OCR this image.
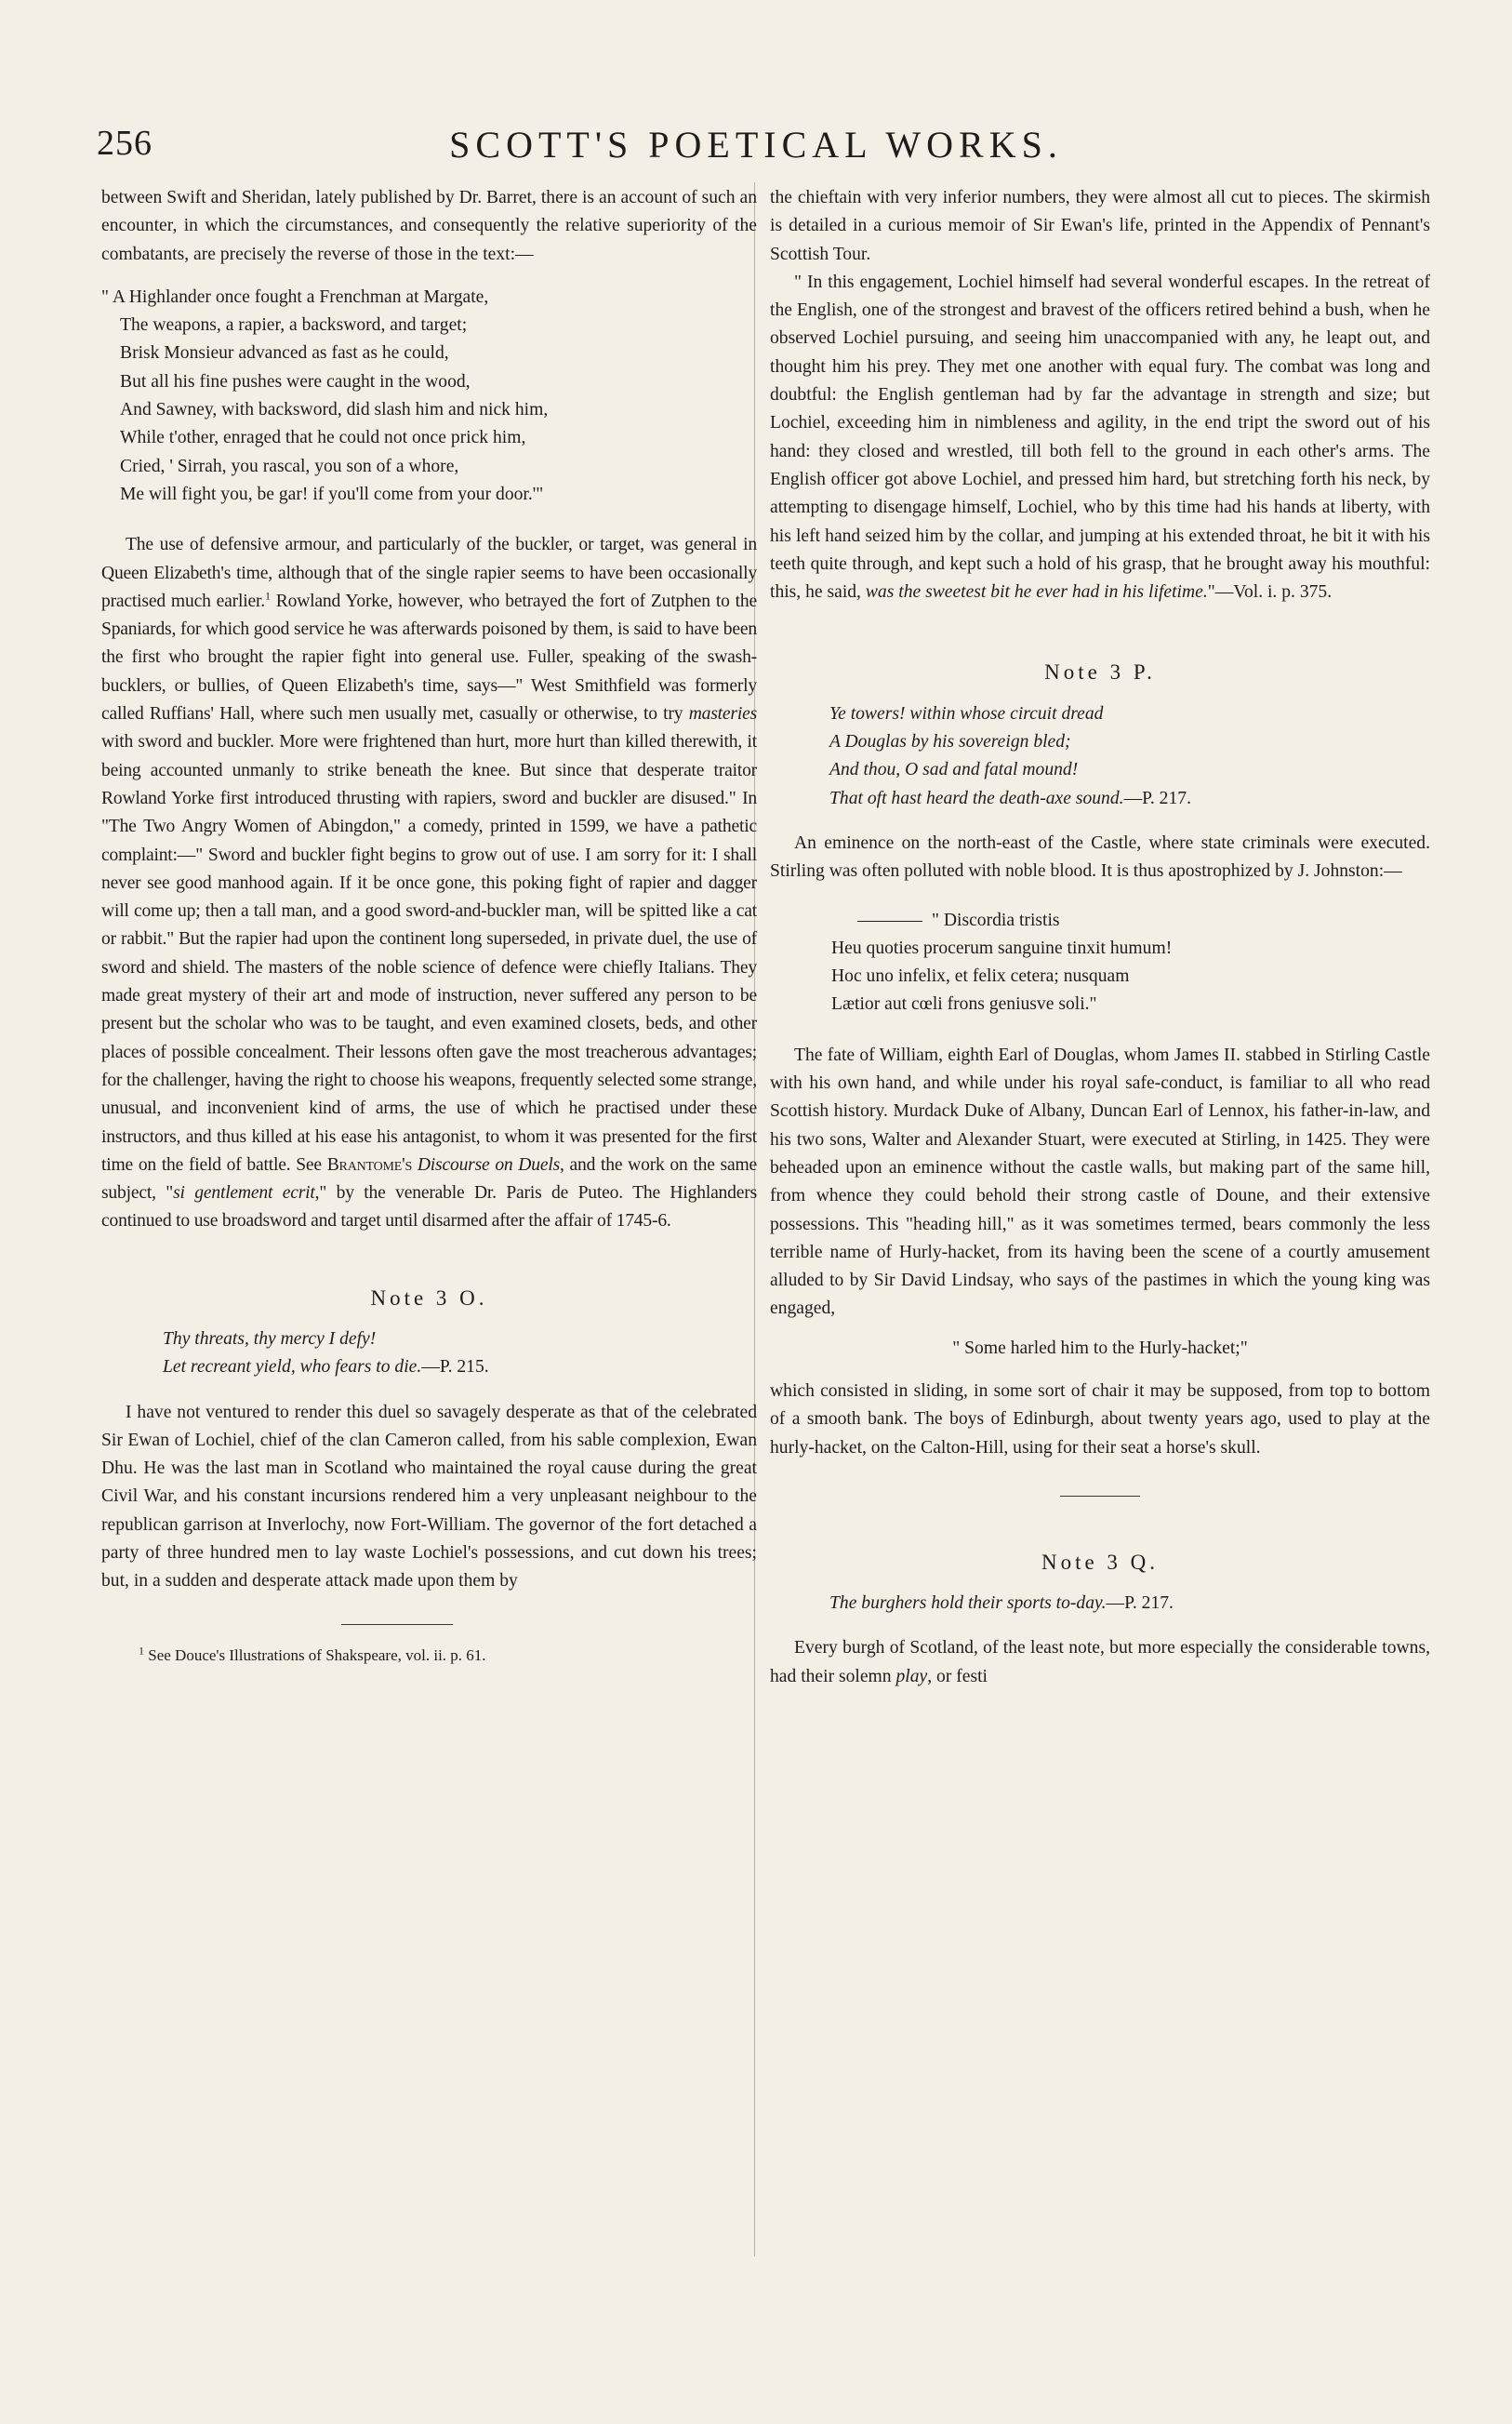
256	SCOTT'S POETICAL WORKS.

between Swift and Sheridan, lately published by Dr. Barret, there is an account of such an encounter, in which the circumstances, and consequently the relative superiority of the combatants, are precisely the reverse of those in the text:—

" A Highlander once fought a Frenchman at Margate,
The weapons, a rapier, a backsword, and target;
Brisk Monsieur advanced as fast as he could,
But all his fine pushes were caught in the wood,
And Sawney, with backsword, did slash him and nick him,
While t'other, enraged that he could not once prick him,
Cried, ' Sirrah, you rascal, you son of a whore,
Me will fight you, be gar! if you'll come from your door.'"

The use of defensive armour, and particularly of the buckler, or target, was general in Queen Elizabeth's time, although that of the single rapier seems to have been occasionally practised much earlier.$^1$ Rowland Yorke, however, who betrayed the fort of Zutphen to the Spaniards, for which good service he was afterwards poisoned by them, is said to have been the first who brought the rapier fight into general use. Fuller, speaking of the swash-bucklers, or bullies, of Queen Elizabeth's time, says—" West Smithfield was formerly called Ruffians' Hall, where such men usually met, casually or otherwise, to try masteries with sword and buckler. More were frightened than hurt, more hurt than killed therewith, it being accounted unmanly to strike beneath the knee. But since that desperate traitor Rowland Yorke first introduced thrusting with rapiers, sword and buckler are disused." In "The Two Angry Women of Abingdon," a comedy, printed in 1599, we have a pathetic complaint:—" Sword and buckler fight begins to grow out of use. I am sorry for it: I shall never see good manhood again. If it be once gone, this poking fight of rapier and dagger will come up; then a tall man, and a good sword-and-buckler man, will be spitted like a cat or rabbit." But the rapier had upon the continent long superseded, in private duel, the use of sword and shield. The masters of the noble science of defence were chiefly Italians. They made great mystery of their art and mode of instruction, never suffered any person to be present but the scholar who was to be taught, and even examined closets, beds, and other places of possible concealment. Their lessons often gave the most treacherous advantages; for the challenger, having the right to choose his weapons, frequently selected some strange, unusual, and inconvenient kind of arms, the use of which he practised under these instructors, and thus killed at his ease his antagonist, to whom it was presented for the first time on the field of battle. See Brantome's Discourse on Duels, and the work on the same subject, "si gentlement ecrit," by the venerable Dr. Paris de Puteo. The Highlanders continued to use broadsword and target until disarmed after the affair of 1745-6.

Note 3 O.
Thy threats, thy mercy I defy!
Let recreant yield, who fears to die.—P. 215.

I have not ventured to render this duel so savagely desperate as that of the celebrated Sir Ewan of Lochiel, chief of the clan Cameron called, from his sable complexion, Ewan Dhu. He was the last man in Scotland who maintained the royal cause during the great Civil War, and his constant incursions rendered him a very unpleasant neighbour to the republican garrison at Inverlochy, now Fort-William. The governor of the fort detached a party of three hundred men to lay waste Lochiel's possessions, and cut down his trees; but, in a sudden and desperate attack made upon them by

$^1$ See Douce's Illustrations of Shakspeare, vol. ii. p. 61.

the chieftain with very inferior numbers, they were almost all cut to pieces. The skirmish is detailed in a curious memoir of Sir Ewan's life, printed in the Appendix of Pennant's Scottish Tour.

" In this engagement, Lochiel himself had several wonderful escapes. In the retreat of the English, one of the strongest and bravest of the officers retired behind a bush, when he observed Lochiel pursuing, and seeing him unaccompanied with any, he leapt out, and thought him his prey. They met one another with equal fury. The combat was long and doubtful: the English gentleman had by far the advantage in strength and size; but Lochiel, exceeding him in nimbleness and agility, in the end tript the sword out of his hand: they closed and wrestled, till both fell to the ground in each other's arms. The English officer got above Lochiel, and pressed him hard, but stretching forth his neck, by attempting to disengage himself, Lochiel, who by this time had his hands at liberty, with his left hand seized him by the collar, and jumping at his extended throat, he bit it with his teeth quite through, and kept such a hold of his grasp, that he brought away his mouthful: this, he said, was the sweetest bit he ever had in his lifetime."—Vol. i. p. 375.

Note 3 P.
Ye towers! within whose circuit dread
A Douglas by his sovereign bled;
And thou, O sad and fatal mound!
That oft hast heard the death-axe sound.—P. 217.

An eminence on the north-east of the Castle, where state criminals were executed. Stirling was often polluted with noble blood. It is thus apostrophized by J. Johnston:—

" Discordia tristis
Heu quoties procerum sanguine tinxit humum!
Hoc uno infelix, et felix cetera; nusquam
Lætior aut cœli frons geniusve soli."

The fate of William, eighth Earl of Douglas, whom James II. stabbed in Stirling Castle with his own hand, and while under his royal safe-conduct, is familiar to all who read Scottish history. Murdack Duke of Albany, Duncan Earl of Lennox, his father-in-law, and his two sons, Walter and Alexander Stuart, were executed at Stirling, in 1425. They were beheaded upon an eminence without the castle walls, but making part of the same hill, from whence they could behold their strong castle of Doune, and their extensive possessions. This "heading hill," as it was sometimes termed, bears commonly the less terrible name of Hurly-hacket, from its having been the scene of a courtly amusement alluded to by Sir David Lindsay, who says of the pastimes in which the young king was engaged,

" Some harled him to the Hurly-hacket;"

which consisted in sliding, in some sort of chair it may be supposed, from top to bottom of a smooth bank. The boys of Edinburgh, about twenty years ago, used to play at the hurly-hacket, on the Calton-Hill, using for their seat a horse's skull.

Note 3 Q.
The burghers hold their sports to-day.—P. 217.

Every burgh of Scotland, of the least note, but more especially the considerable towns, had their solemn play, or festi
